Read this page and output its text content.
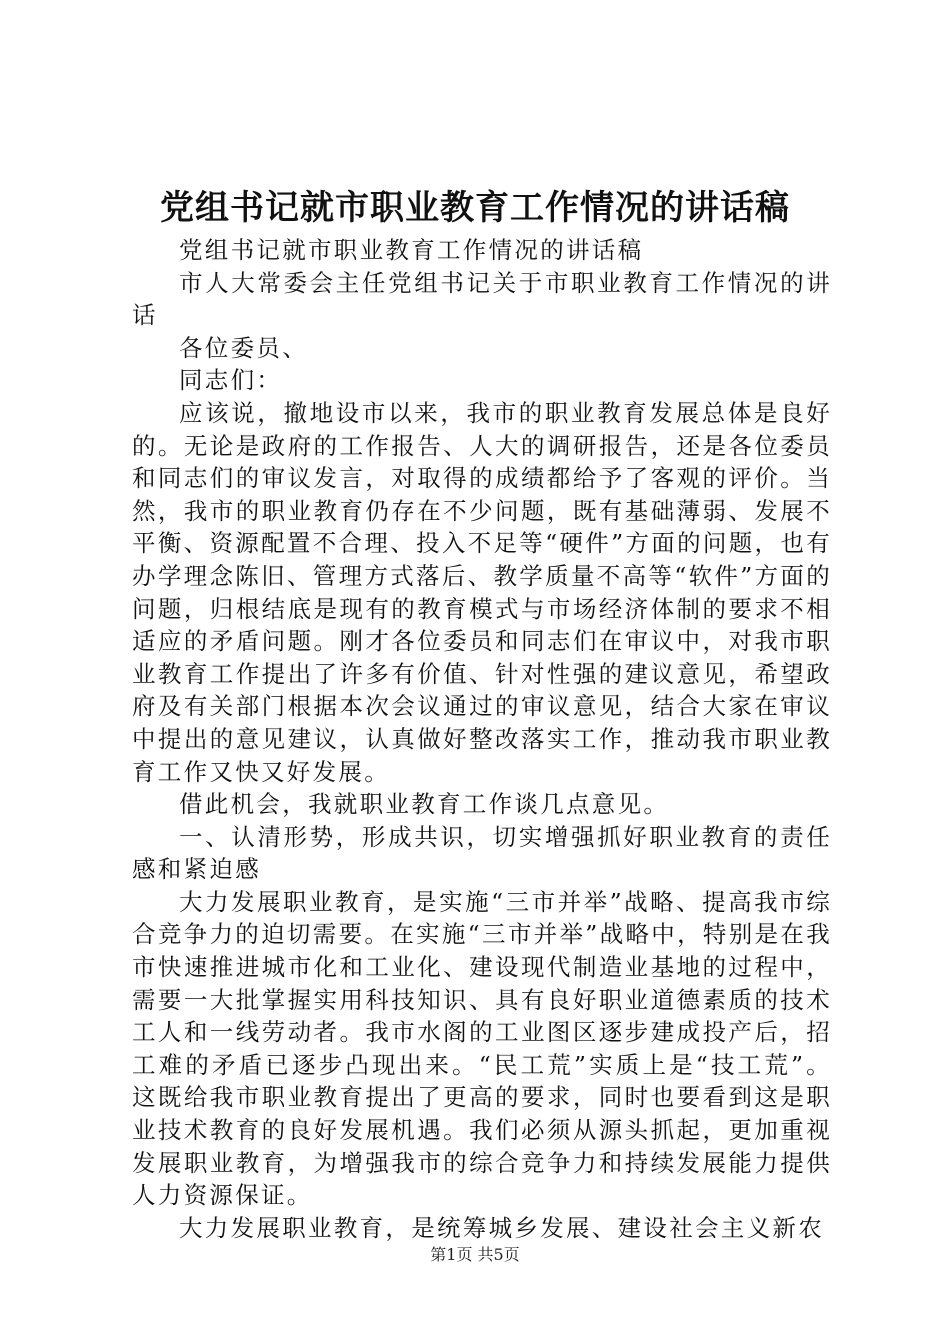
党组书记就市职业教育工作情况的讲话稿

党组书记就市职业教育工作情况的讲话稿

市人大常委会主任党组书记关于市职业教育工作情况的讲话

各位委员、

同志们：

应该说，撤地设市以来，我市的职业教育发展总体是良好的。无论是政府的工作报告、人大的调研报告，还是各位委员和同志们的审议发言，对取得的成绩都给予了客观的评价。当然，我市的职业教育仍存在不少问题，既有基础薄弱、发展不平衡、资源配置不合理、投入不足等“硬件”方面的问题，也有办学理念陈旧、管理方式落后、教学质量不高等“软件”方面的问题，归根结底是现有的教育模式与市场经济体制的要求不相适应的矛盾问题。刚才各位委员和同志们在审议中，对我市职业教育工作提出了许多有价值、针对性强的建议意见，希望政府及有关部门根据本次会议通过的审议意见，结合大家在审议中提出的意见建议，认真做好整改落实工作，推动我市职业教育工作又快又好发展。

借此机会，我就职业教育工作谈几点意见。

一、认清形势，形成共识，切实增强抓好职业教育的责任感和紧迫感

大力发展职业教育，是实施“三市并举”战略、提高我市综合竞争力的迫切需要。在实施“三市并举”战略中，特别是在我市快速推进城市化和工业化、建设现代制造业基地的过程中，需要一大批掌握实用科技知识、具有良好职业道德素质的技术工人和一线劳动者。我市水阁的工业图区逐步建成投产后，招工难的矛盾已逐步凸现出来。“民工荒”实质上是“技工荒”。这既给我市职业教育提出了更高的要求，同时也要看到这是职业技术教育的良好发展机遇。我们必须从源头抓起，更加重视发展职业教育，为增强我市的综合竞争力和持续发展能力提供人力资源保证。

大力发展职业教育，是统筹城乡发展、建设社会主义新农

第1页 共5页
